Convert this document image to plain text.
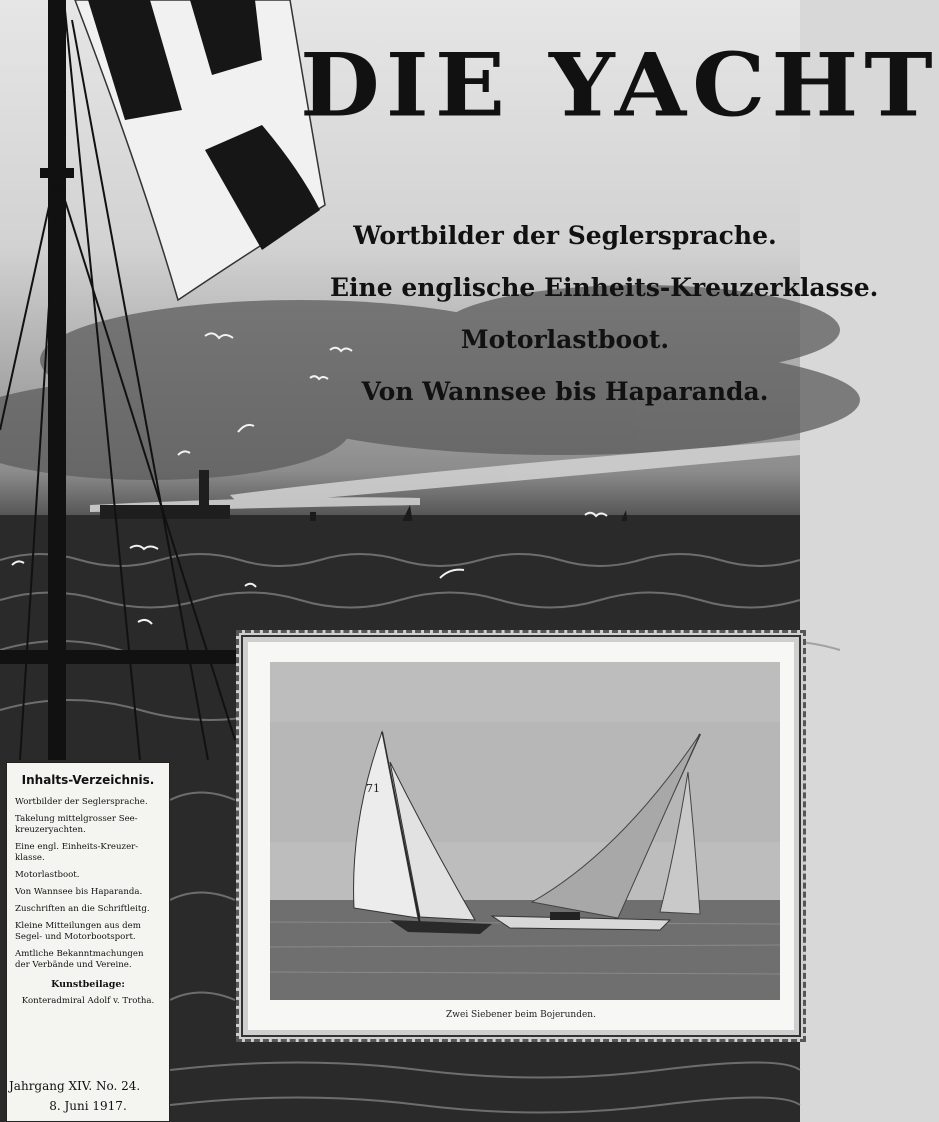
DIE YACHT

Wortbilder der Seglersprache.

Eine englische Einheits-Kreuzerklasse.

Motorlastboot.

Von Wannsee bis Haparanda.

Inhalts-Verzeichnis.

Wortbilder der Seglersprache.
Takelung mittelgrosser See-
kreuzeryachten.
Eine engl. Einheits-Kreuzer-
klasse.
Motorlastboot.
Von Wannsee bis Haparanda.
Zuschriften an die Schriftleitg.
Kleine Mitteilungen aus dem
Segel- und Motorbootsport.
Amtliche Bekanntmachungen
der Verbände und Vereine.

Kunstbeilage:

Konteradmiral Adolf v. Trotha.

Jahrgang XIV. No. 24.
8. Juni 1917.
71

Zwei Siebener beim Bojerunden.
